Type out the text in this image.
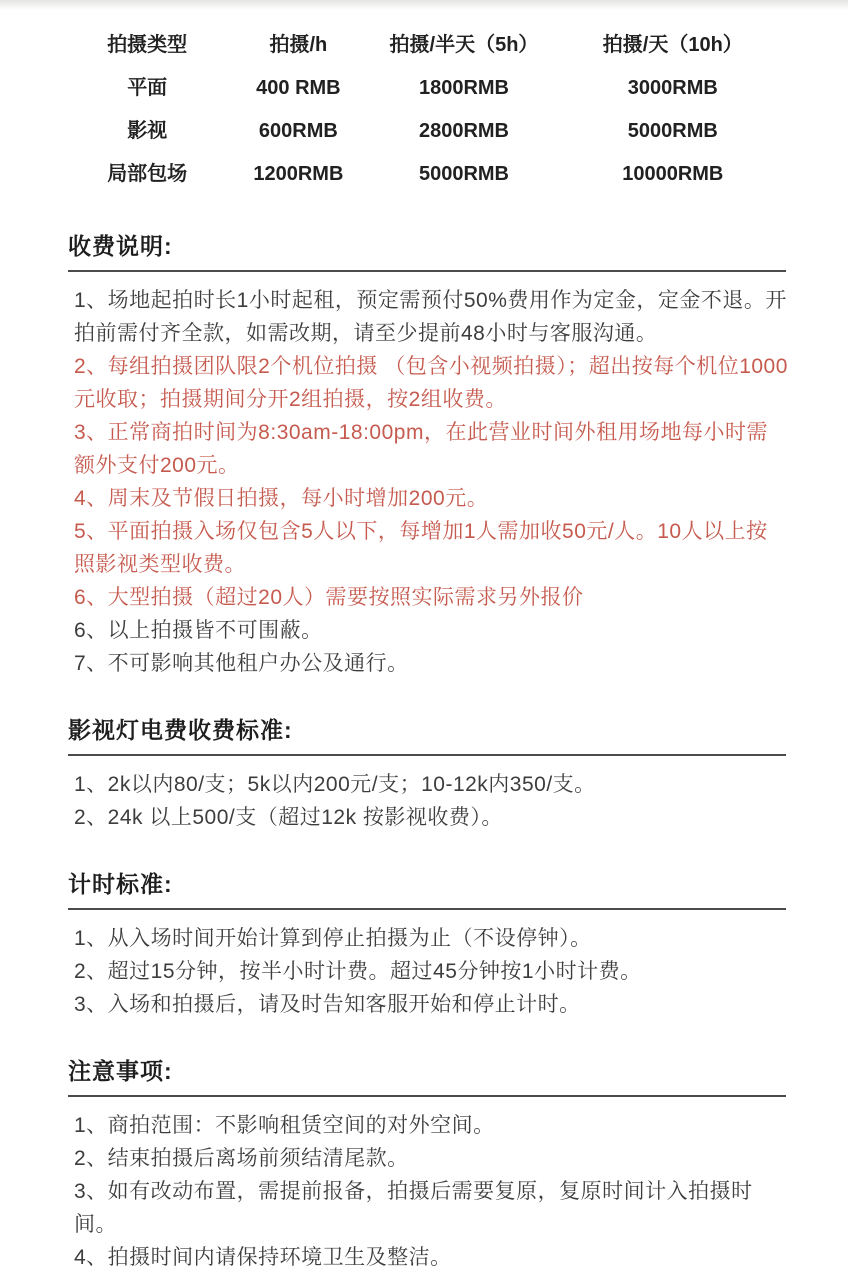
拍摄类型	拍摄/h	拍摄/半天（5h）	拍摄/天（10h）
平面	400 RMB	1800RMB	3000RMB
影视	600RMB	2800RMB	5000RMB
局部包场	1200RMB	5000RMB	10000RMB
收费说明:

1、场地起拍时长1小时起租，预定需预付50%费用作为定金，定金不退。开拍前需付齐全款，如需改期，请至少提前48小时与客服沟通。

2、每组拍摄团队限2个机位拍摄 （包含小视频拍摄）；超出按每个机位1000元收取；拍摄期间分开2组拍摄，按2组收费。

3、正常商拍时间为8:30am-18:00pm，在此营业时间外租用场地每小时需额外支付200元。

4、周末及节假日拍摄，每小时增加200元。

5、平面拍摄入场仅包含5人以下，每增加1人需加收50元/人。10人以上按照影视类型收费。

6、大型拍摄（超过20人）需要按照实际需求另外报价

6、以上拍摄皆不可围蔽。

7、不可影响其他租户办公及通行。

影视灯电费收费标准:

1、2k以内80/支；5k以内200元/支；10-12k内350/支。

2、24k 以上500/支（超过12k 按影视收费）。

计时标准:

1、从入场时间开始计算到停止拍摄为止（不设停钟）。

2、超过15分钟，按半小时计费。超过45分钟按1小时计费。

3、入场和拍摄后，请及时告知客服开始和停止计时。

注意事项:

1、商拍范围：不影响租赁空间的对外空间。

2、结束拍摄后离场前须结清尾款。

3、如有改动布置，需提前报备，拍摄后需要复原，复原时间计入拍摄时间。

4、拍摄时间内请保持环境卫生及整洁。
